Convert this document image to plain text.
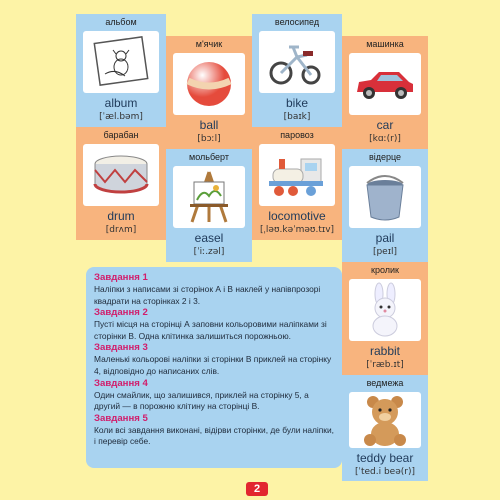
альбом
album
[ˈæl.bəm]
м'ячик
ball
[bɔːl]
велосипед
bike
[baɪk]
машинка
car
[kɑː(r)]
барабан
drum
[drʌm]
мольберт
easel
[ˈiː.zəl]
паровоз
locomotive
[ˌləʊ.kəˈməʊ.tɪv]
відерце
pail
[peɪl]
кролик
rabbit
[ˈræb.ɪt]
ведмежа
teddy bear
[ˈted.i beə(r)]
Завдання 1

Наліпки з написами зі сторінок А і В наклей у напівпрозорі квадрати на сторінках 2 і 3.

Завдання 2

Пусті місця на сторінці А заповни кольоровими наліпками зі сторінки В. Одна клітинка залишиться порожньою.

Завдання 3

Маленькі кольорові наліпки зі сторінки В приклей на сторінку 4, відповідно до написаних слів.

Завдання 4

Один смайлик, що залишився, приклей на сторінку 5, а другий — в порожню клітину на сторінці В.

Завдання 5

Коли всі завдання виконані, відірви сторінки, де були наліпки, і перевір себе.

2
